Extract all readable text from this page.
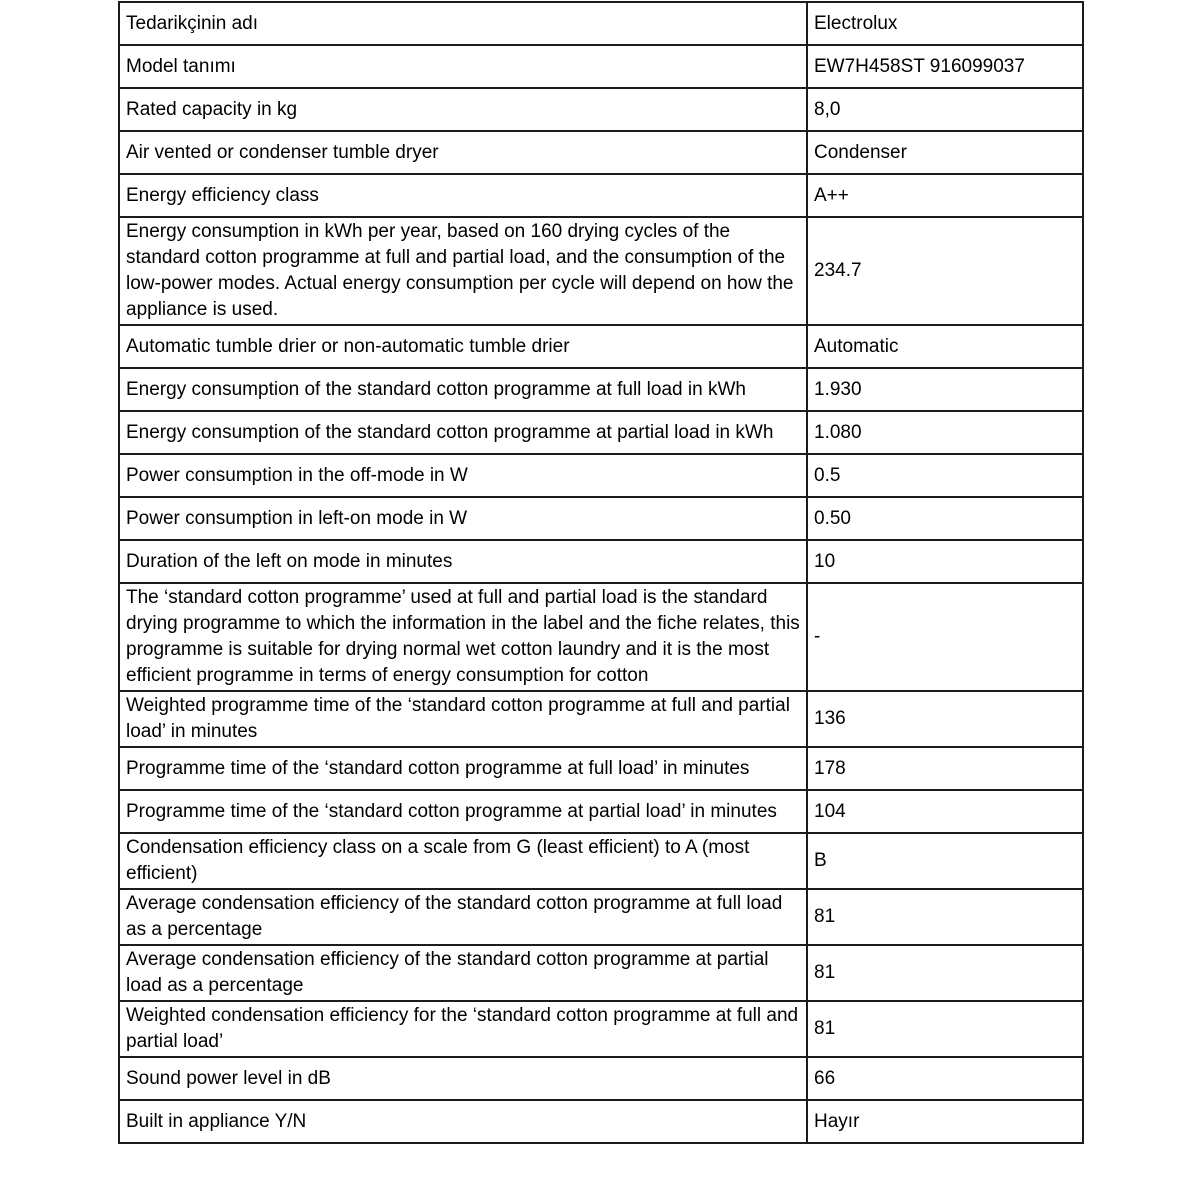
Tedarikçinin adı	Electrolux
Model tanımı	EW7H458ST 916099037
Rated capacity in kg	8,0
Air vented or condenser tumble dryer	Condenser
Energy efficiency class	A++
Energy consumption in kWh per year, based on 160 drying cycles of the standard cotton programme at full and partial load, and the consumption of the low-power modes. Actual energy consumption per cycle will depend on how the appliance is used.	234.7
Automatic tumble drier or non-automatic tumble drier	Automatic
Energy consumption of the standard cotton programme at full load in kWh	1.930
Energy consumption of the standard cotton programme at partial load in kWh	1.080
Power consumption in the off-mode in W	0.5
Power consumption in left-on mode in W	0.50
Duration of the left on mode in minutes	10
The ‘standard cotton programme’ used at full and partial load is the standard drying programme to which the information in the label and the fiche relates, this programme is suitable for drying normal wet cotton laundry and it is the most efficient programme in terms of energy consumption for cotton	-
Weighted programme time of the ‘standard cotton programme at full and partial load’ in minutes	136
Programme time of the ‘standard cotton programme at full load’ in minutes	178
Programme time of the ‘standard cotton programme at partial load’ in minutes	104
Condensation efficiency class on a scale from G (least efficient) to A (most efficient)	B
Average condensation efficiency of the standard cotton programme at full load as a percentage	81
Average condensation efficiency of the standard cotton programme at partial load as a percentage	81
Weighted condensation efficiency for the ‘standard cotton programme at full and partial load’	81
Sound power level in dB	66
Built in appliance Y/N	Hayır
